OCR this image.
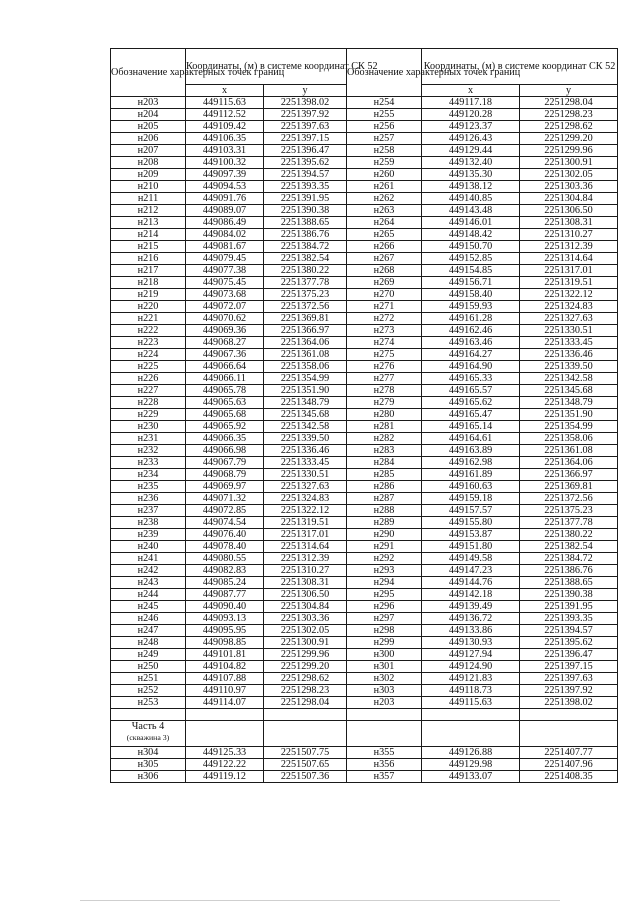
Обозначение характерных точек границ	Координаты, (м) в системе координат СК 52		Обозначение характерных точек границ	Координаты, (м) в системе координат СК 52	
	x	y		x	y
н203	449115.63	2251398.02	н254	449117.18	2251298.04
н204	449112.52	2251397.92	н255	449120.28	2251298.23
н205	449109.42	2251397.63	н256	449123.37	2251298.62
н206	449106.35	2251397.15	н257	449126.43	2251299.20
н207	449103.31	2251396.47	н258	449129.44	2251299.96
н208	449100.32	2251395.62	н259	449132.40	2251300.91
н209	449097.39	2251394.57	н260	449135.30	2251302.05
н210	449094.53	2251393.35	н261	449138.12	2251303.36
н211	449091.76	2251391.95	н262	449140.85	2251304.84
н212	449089.07	2251390.38	н263	449143.48	2251306.50
н213	449086.49	2251388.65	н264	449146.01	2251308.31
н214	449084.02	2251386.76	н265	449148.42	2251310.27
н215	449081.67	2251384.72	н266	449150.70	2251312.39
н216	449079.45	2251382.54	н267	449152.85	2251314.64
н217	449077.38	2251380.22	н268	449154.85	2251317.01
н218	449075.45	2251377.78	н269	449156.71	2251319.51
н219	449073.68	2251375.23	н270	449158.40	2251322.12
н220	449072.07	2251372.56	н271	449159.93	2251324.83
н221	449070.62	2251369.81	н272	449161.28	2251327.63
н222	449069.36	2251366.97	н273	449162.46	2251330.51
н223	449068.27	2251364.06	н274	449163.46	2251333.45
н224	449067.36	2251361.08	н275	449164.27	2251336.46
н225	449066.64	2251358.06	н276	449164.90	2251339.50
н226	449066.11	2251354.99	н277	449165.33	2251342.58
н227	449065.78	2251351.90	н278	449165.57	2251345.68
н228	449065.63	2251348.79	н279	449165.62	2251348.79
н229	449065.68	2251345.68	н280	449165.47	2251351.90
н230	449065.92	2251342.58	н281	449165.14	2251354.99
н231	449066.35	2251339.50	н282	449164.61	2251358.06
н232	449066.98	2251336.46	н283	449163.89	2251361.08
н233	449067.79	2251333.45	н284	449162.98	2251364.06
н234	449068.79	2251330.51	н285	449161.89	2251366.97
н235	449069.97	2251327.63	н286	449160.63	2251369.81
н236	449071.32	2251324.83	н287	449159.18	2251372.56
н237	449072.85	2251322.12	н288	449157.57	2251375.23
н238	449074.54	2251319.51	н289	449155.80	2251377.78
н239	449076.40	2251317.01	н290	449153.87	2251380.22
н240	449078.40	2251314.64	н291	449151.80	2251382.54
н241	449080.55	2251312.39	н292	449149.58	2251384.72
н242	449082.83	2251310.27	н293	449147.23	2251386.76
н243	449085.24	2251308.31	н294	449144.76	2251388.65
н244	449087.77	2251306.50	н295	449142.18	2251390.38
н245	449090.40	2251304.84	н296	449139.49	2251391.95
н246	449093.13	2251303.36	н297	449136.72	2251393.35
н247	449095.95	2251302.05	н298	449133.86	2251394.57
н248	449098.85	2251300.91	н299	449130.93	2251395.62
н249	449101.81	2251299.96	н300	449127.94	2251396.47
н250	449104.82	2251299.20	н301	449124.90	2251397.15
н251	449107.88	2251298.62	н302	449121.83	2251397.63
н252	449110.97	2251298.23	н303	449118.73	2251397.92
н253	449114.07	2251298.04	н203	449115.63	2251398.02

Часть 4
(скважина 3)					

н304	449125.33	2251507.75	н355	449126.88	2251407.77
н305	449122.22	2251507.65	н356	449129.98	2251407.96
н306	449119.12	2251507.36	н357	449133.07	2251408.35
